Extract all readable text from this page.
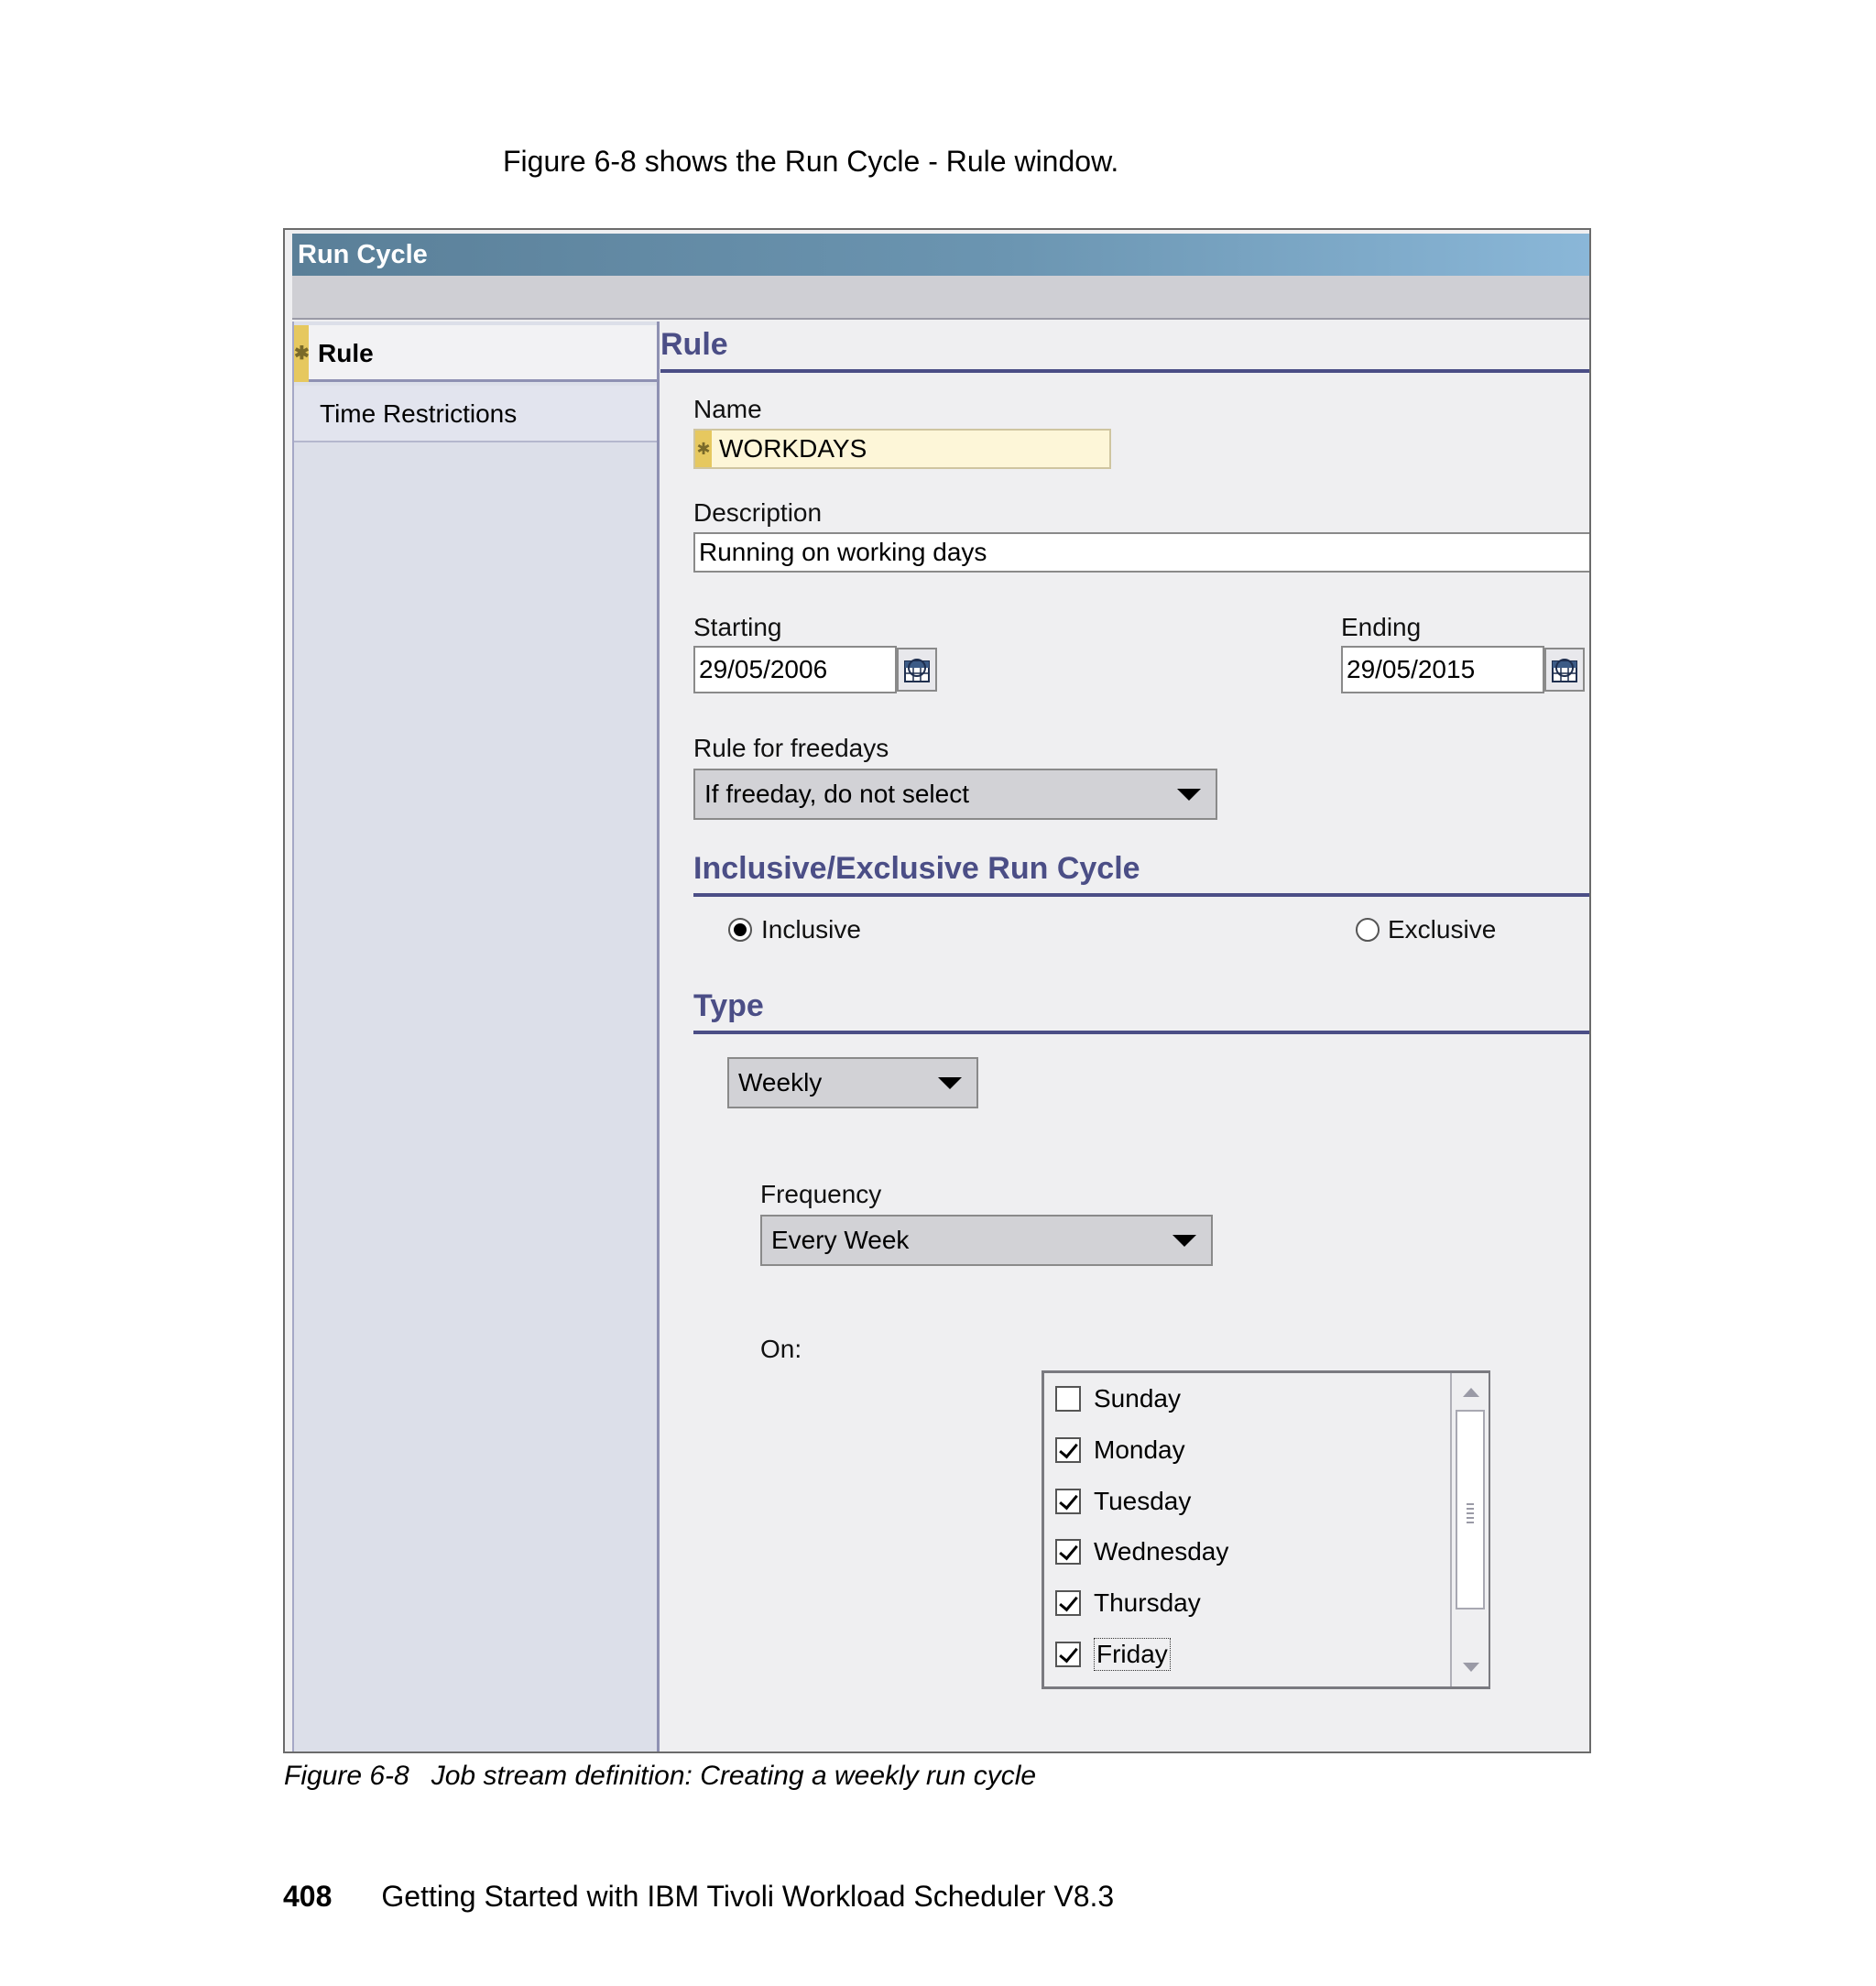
Figure 6-8 shows the Run Cycle - Rule window.
Run Cycle
✱ Rule
Time Restrictions
Rule
Name
✱ WORKDAYS
Description
Running on working days
Starting
29/05/2006
Ending
29/05/2015
Rule for freedays
If freeday, do not select
Inclusive/Exclusive Run Cycle
Inclusive	Exclusive
Type
Weekly
Frequency
Every Week
On:
Sunday
Monday
Tuesday
Wednesday
Thursday
Friday
Figure 6-8 Job stream definition: Creating a weekly run cycle
408 Getting Started with IBM Tivoli Workload Scheduler V8.3
